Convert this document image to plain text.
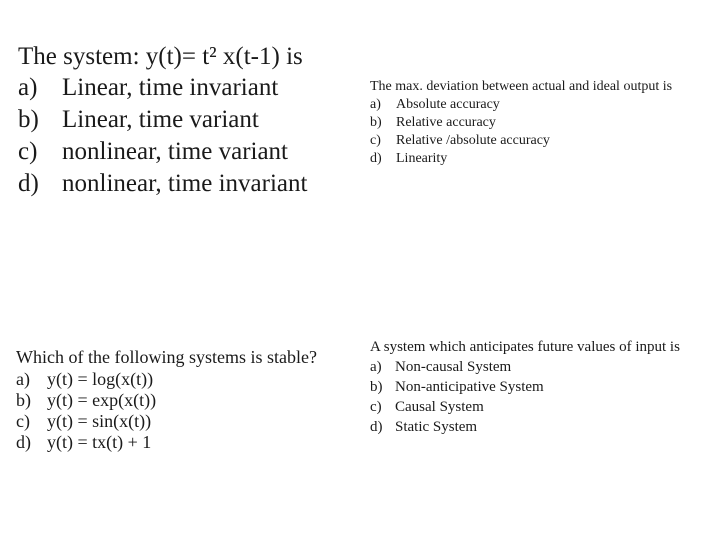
The system: y(t)= t² x(t-1) is
a) Linear, time invariant
b) Linear, time variant
c) nonlinear, time variant
d) nonlinear, time invariant
The max. deviation between actual and ideal output is
a) Absolute accuracy
b) Relative accuracy
c) Relative /absolute accuracy
d) Linearity
Which of the following systems is stable?
a) y(t) = log(x(t))
b) y(t) = exp(x(t))
c) y(t) = sin(x(t))
d) y(t) = tx(t) + 1
A system which anticipates future values of input is
a) Non-causal System
b) Non-anticipative System
c) Causal System
d) Static System
